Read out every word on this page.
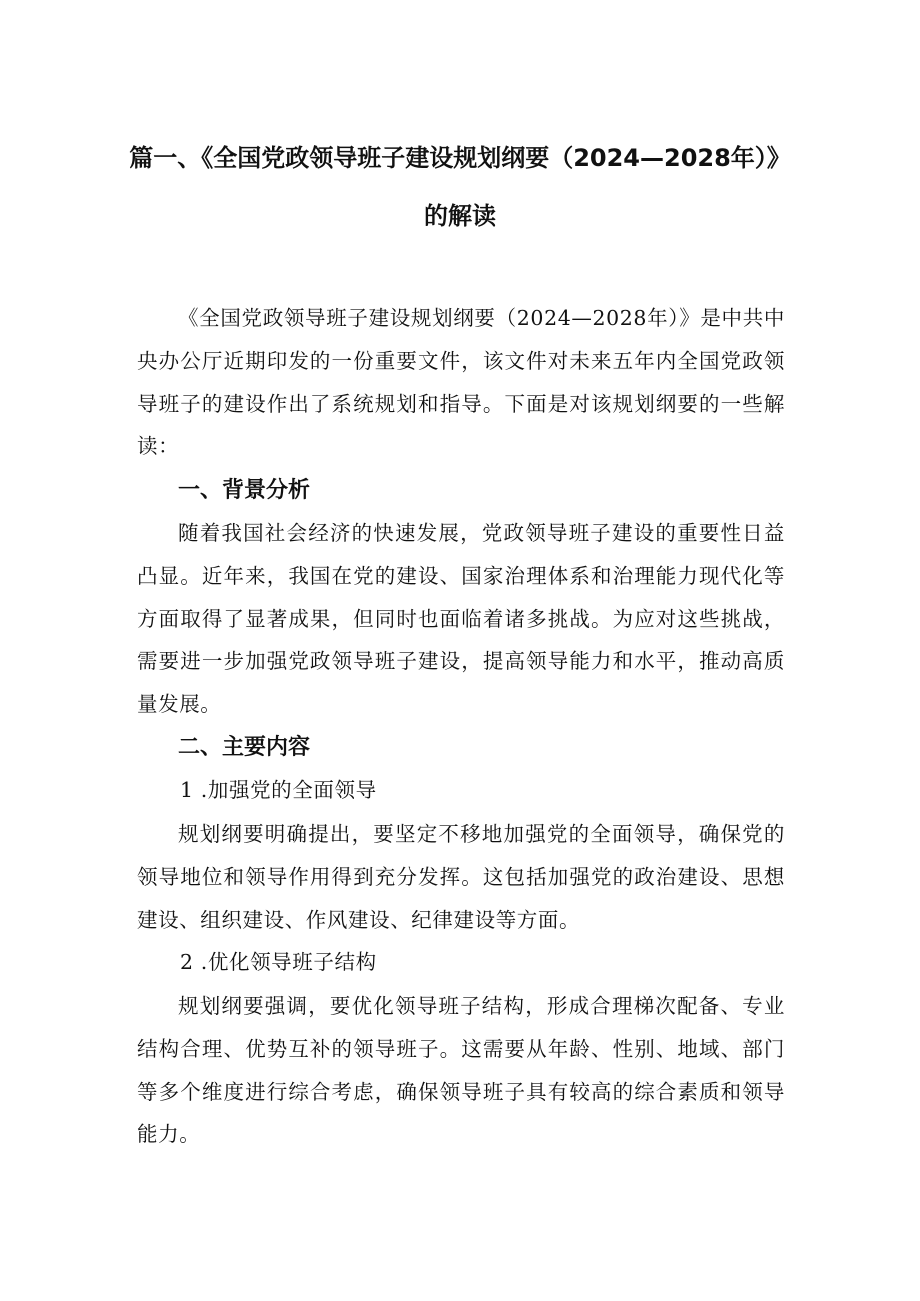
篇一、《全国党政领导班子建设规划纲要（2024—2028年）》
的解读

《全国党政领导班子建设规划纲要（2024—2028年）》是中共中央办公厅近期印发的一份重要文件，该文件对未来五年内全国党政领导班子的建设作出了系统规划和指导。下面是对该规划纲要的一些解读：

一、背景分析

随着我国社会经济的快速发展，党政领导班子建设的重要性日益凸显。近年来，我国在党的建设、国家治理体系和治理能力现代化等方面取得了显著成果，但同时也面临着诸多挑战。为应对这些挑战，需要进一步加强党政领导班子建设，提高领导能力和水平，推动高质量发展。

二、主要内容

1 .加强党的全面领导

规划纲要明确提出，要坚定不移地加强党的全面领导，确保党的领导地位和领导作用得到充分发挥。这包括加强党的政治建设、思想建设、组织建设、作风建设、纪律建设等方面。

2 .优化领导班子结构

规划纲要强调，要优化领导班子结构，形成合理梯次配备、专业结构合理、优势互补的领导班子。这需要从年龄、性别、地域、部门等多个维度进行综合考虑，确保领导班子具有较高的综合素质和领导能力。
